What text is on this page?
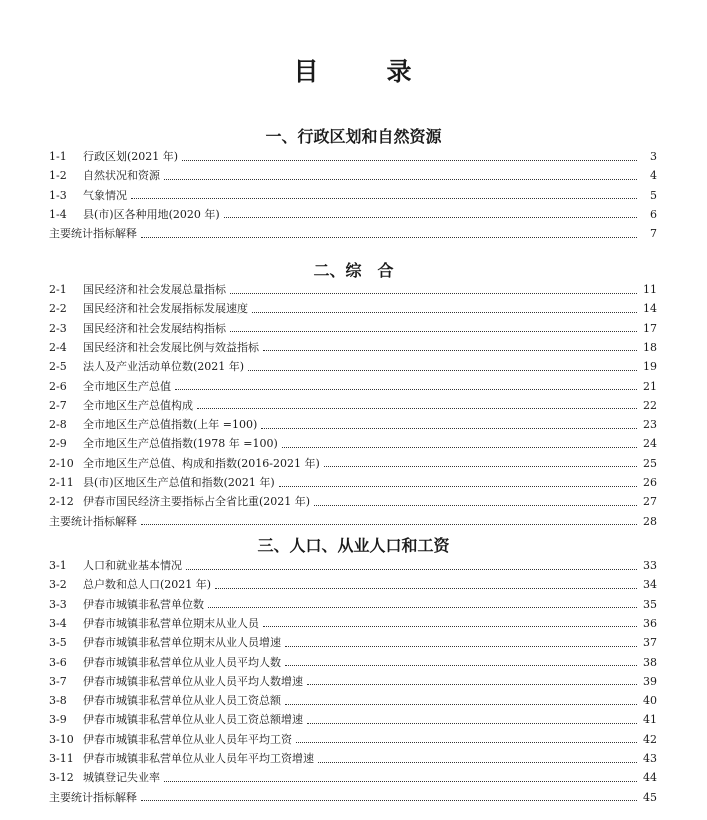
目	录
一、行政区划和自然资源
1-1	行政区划(2021 年)	3
1-2	自然状况和资源	4
1-3	气象情况	5
1-4	县(市)区各种用地(2020 年)	6
主要统计指标解释	7
二、综　合
2-1	国民经济和社会发展总量指标	11
2-2	国民经济和社会发展指标发展速度	14
2-3	国民经济和社会发展结构指标	17
2-4	国民经济和社会发展比例与效益指标	18
2-5	法人及产业活动单位数(2021 年)	19
2-6	全市地区生产总值	21
2-7	全市地区生产总值构成	22
2-8	全市地区生产总值指数(上年 =100)	23
2-9	全市地区生产总值指数(1978 年 =100)	24
2-10 全市地区生产总值、构成和指数(2016-2021 年)	25
2-11 县(市)区地区生产总值和指数(2021 年)	26
2-12 伊春市国民经济主要指标占全省比重(2021 年)	27
主要统计指标解释	28
三、人口、从业人口和工资
3-1	人口和就业基本情况	33
3-2	总户数和总人口(2021 年)	34
3-3	伊春市城镇非私营单位数	35
3-4	伊春市城镇非私营单位期末从业人员	36
3-5	伊春市城镇非私营单位期末从业人员增速	37
3-6	伊春市城镇非私营单位从业人员平均人数	38
3-7	伊春市城镇非私营单位从业人员平均人数增速	39
3-8	伊春市城镇非私营单位从业人员工资总额	40
3-9	伊春市城镇非私营单位从业人员工资总额增速	41
3-10 伊春市城镇非私营单位从业人员年平均工资	42
3-11 伊春市城镇非私营单位从业人员年平均工资增速	43
3-12 城镇登记失业率	44
主要统计指标解释	45
